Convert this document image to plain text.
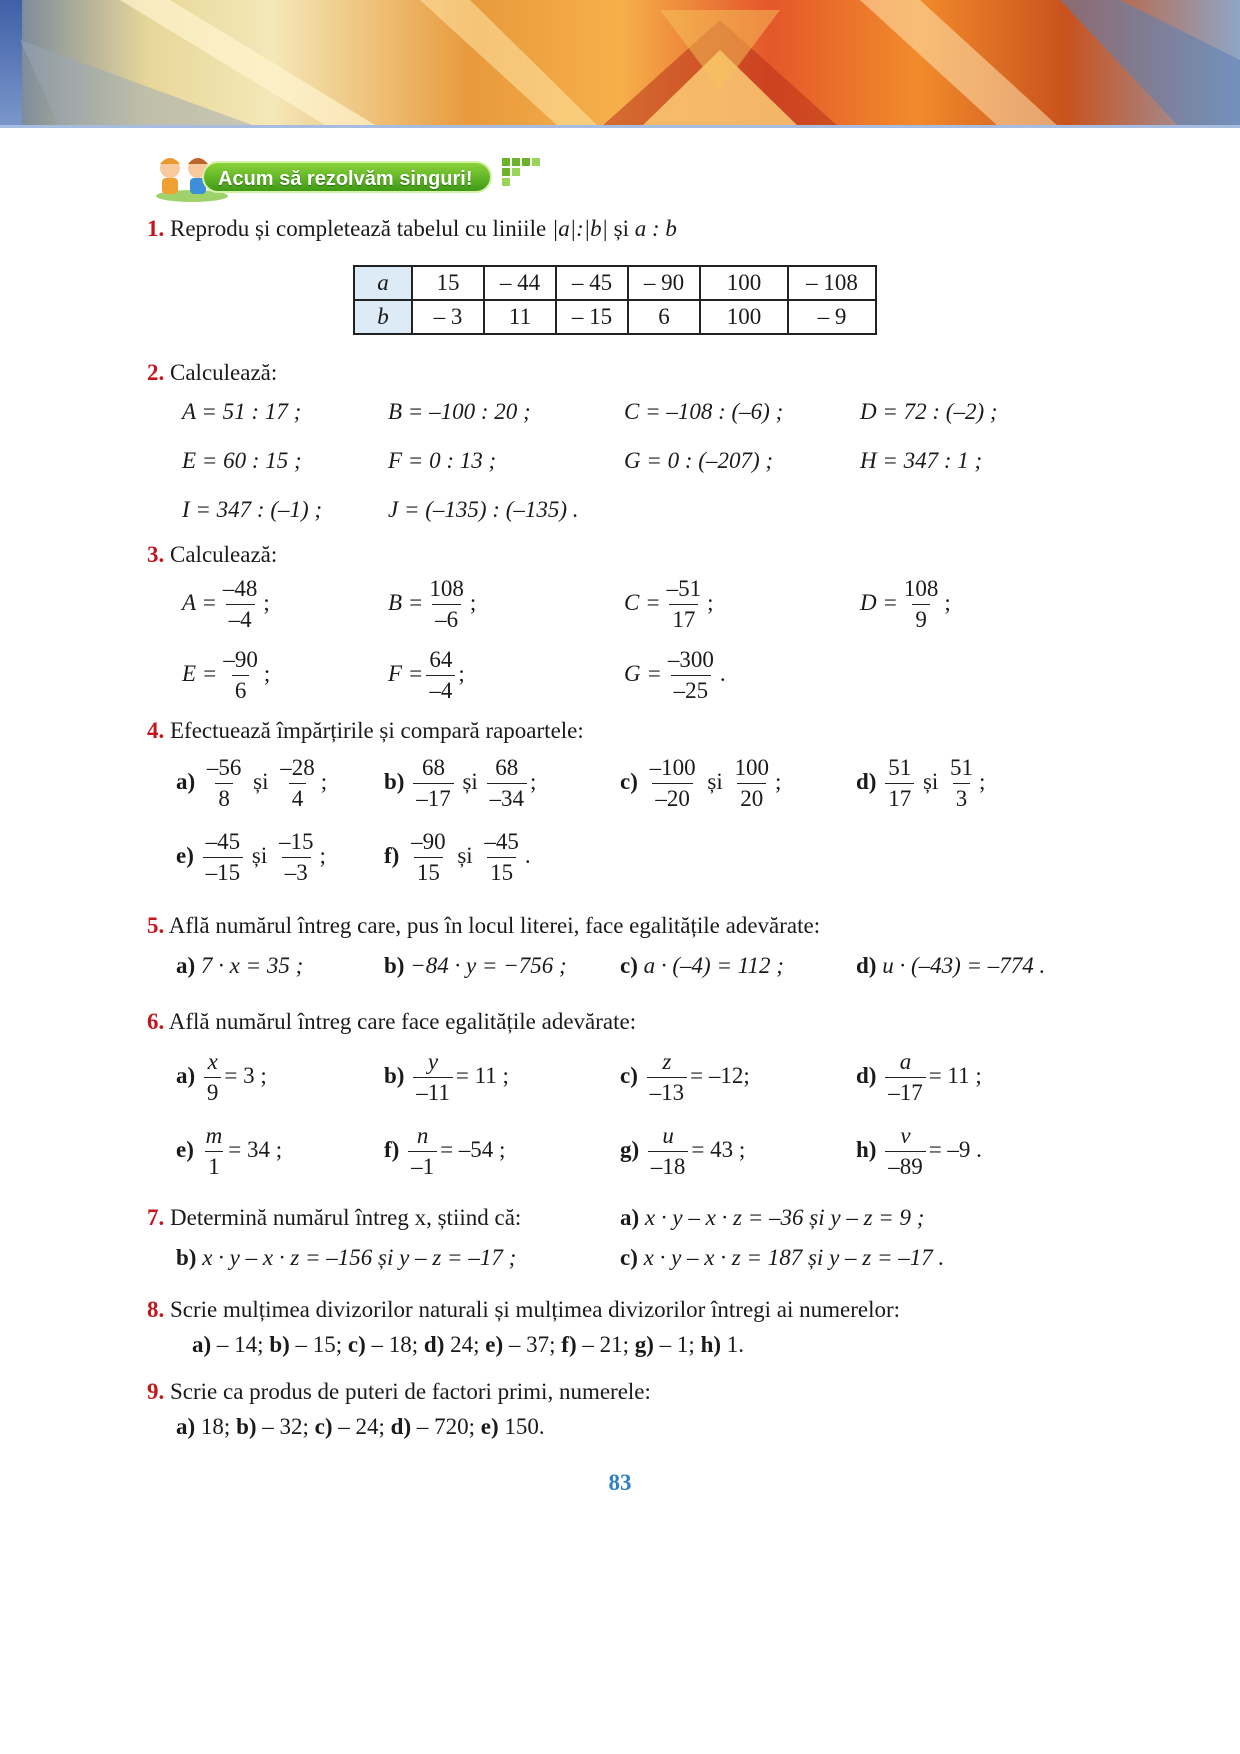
Acum să rezolvăm singuri!
1. Reprodu și completează tabelul cu liniile |a|:|b| și a : b
a	15	– 44	– 45	– 90	100	– 108
b	– 3	11	– 15	6	100	– 9
2. Calculează:
A = 51 : 17 ;	B = –100 : 20 ;	C = –108 : (–6) ;	D = 72 : (–2) ;
E = 60 : 15 ;	F = 0 : 13 ;	G = 0 : (–207) ;	H = 347 : 1 ;
I = 347 : (–1) ;	J = (–135) : (–135) .
3. Calculează:
$A = \frac{-48}{-4}$ ;	$B = \frac{108}{-6}$ ;	$C = \frac{-51}{17}$ ;	$D = \frac{108}{9}$ ;
$E = \frac{-90}{6}$ ;	$F = \frac{64}{-4}$ ;	$G = \frac{-300}{-25}$ .
4. Efectuează împărțirile și compară rapoartele:
$a) \frac{-56}{8}$ și $\frac{-28}{4}$ ; $b) \frac{68}{-17}$ și $\frac{68}{-34}$ ;	$c) \frac{-100}{-20}$ și $\frac{100}{20}$ ;	$d) \frac{51}{17}$ și $\frac{51}{3}$ ;
$e) \frac{-45}{-15}$ și $\frac{-15}{-3}$ ;	$f) \frac{-90}{15}$ și $\frac{-45}{15}$ .
5. Află numărul întreg care, pus în locul literei, face egalitățile adevărate:
a) 7 · x = 35 ;	b) −84 · y = −756 ; c) a · (–4) = 112 ;	d) u · (–43) = –774 .
6. Află numărul întreg care face egalitățile adevărate:
$a) \frac{x}{9} = 3$ ;	$b) \frac{y}{-11} = 11$ ;	$c) \frac{z}{-13} = -12$;	$d) \frac{a}{-17} = 11$ ;
$e) \frac{m}{1} = 34$ ;	$f) \frac{n}{-1} = -54$ ;	$g) \frac{u}{-18} = 43$ ;	$h) \frac{v}{-89} = -9$ .
7. Determină numărul întreg x, știind că:	a) x · y – x · z = –36 și y – z = 9 ;
b) x · y – x · z = –156 și y – z = –17 ;	c) x · y – x · z = 187 și y – z = –17 .
8. Scrie mulțimea divizorilor naturali și mulțimea divizorilor întregi ai numerelor:
a) – 14; b) – 15; c) – 18; d) 24; e) – 37; f) – 21; g) – 1; h) 1.
9. Scrie ca produs de puteri de factori primi, numerele:
a) 18; b) – 32; c) – 24; d) – 720; e) 150.
83
